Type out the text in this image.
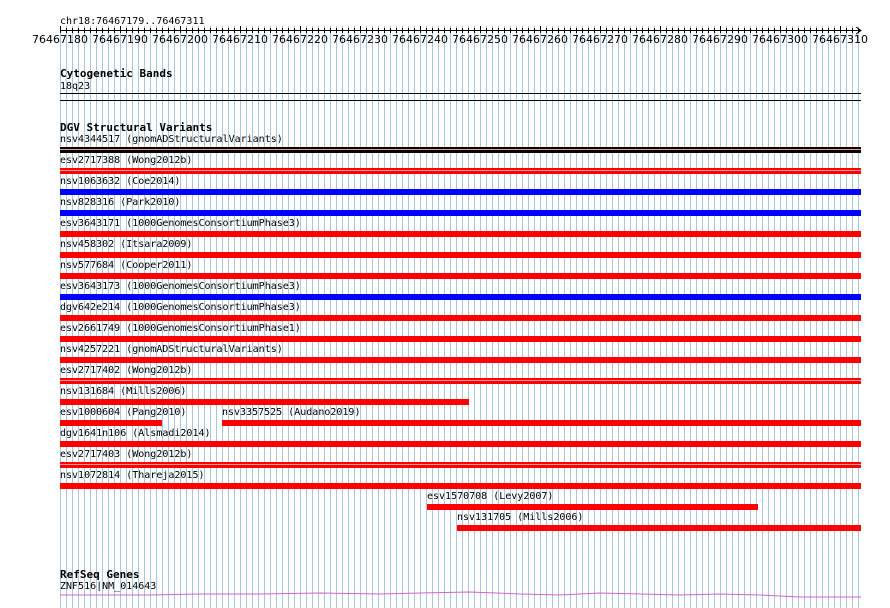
chr18:76467179..76467311
76467180 76467190 76467200 76467210 76467220 76467230 76467240 76467250 76467260 76467270 76467280 76467290 76467300 76467310
Cytogenetic Bands
18q23
DGV Structural Variants
nsv4344517 (gnomADStructuralVariants)
esv2717388 (Wong2012b)
nsv1063632 (Coe2014)
nsv828316 (Park2010)
esv3643171 (1000GenomesConsortiumPhase3)
nsv458302 (Itsara2009)
nsv577684 (Cooper2011)
esv3643173 (1000GenomesConsortiumPhase3)
dgv642e214 (1000GenomesConsortiumPhase3)
esv2661749 (1000GenomesConsortiumPhase1)
nsv4257221 (gnomADStructuralVariants)
esv2717402 (Wong2012b)
nsv131684 (Mills2006)
esv1000604 (Pang2010)	nsv3357525 (Audano2019)
dgv1641n106 (Alsmadi2014)
esv2717403 (Wong2012b)
nsv1072814 (Thareja2015)
esv1570708 (Levy2007)
nsv131705 (Mills2006)
RefSeq Genes
ZNF516|NM_014643
